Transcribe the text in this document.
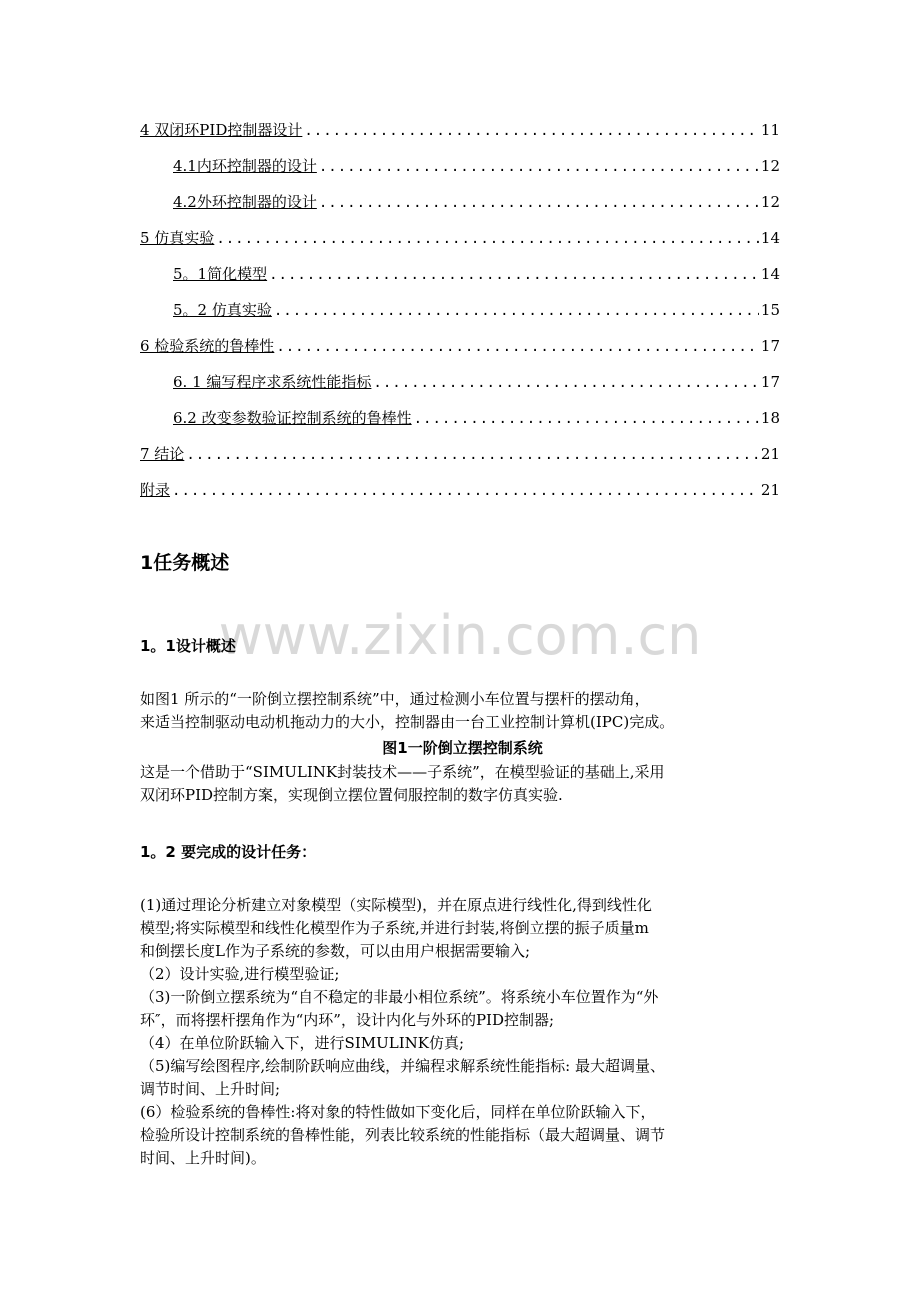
www.zixin.com.cn
4 双闭环PID控制器设计 .....	11
4.1内环控制器的设计 .....	12
4.2外环控制器的设计 .....	12
5 仿真实验 .....	14
5。1简化模型 .....	14
5。2 仿真实验 .....	15
6 检验系统的鲁棒性 .....	17
6. 1 编写程序求系统性能指标 .....	17
6.2 改变参数验证控制系统的鲁棒性 .....	18
7 结论 .....	21
附录 .....	21
1任务概述
1。1设计概述

如图1 所示的“一阶倒立摆控制系统”中，通过检测小车位置与摆杆的摆动角，

来适当控制驱动电动机拖动力的大小，控制器由一台工业控制计算机(IPC)完成。

图1一阶倒立摆控制系统

这是一个借助于“SIMULINK封装技术——子系统”，在模型验证的基础上,采用

双闭环PID控制方案，实现倒立摆位置伺服控制的数字仿真实验.

1。2 要完成的设计任务：

(1)通过理论分析建立对象模型（实际模型)，并在原点进行线性化,得到线性化

模型;将实际模型和线性化模型作为子系统,并进行封装,将倒立摆的振子质量m

和倒摆长度L作为子系统的参数，可以由用户根据需要输入;

（2）设计实验,进行模型验证;

（3)一阶倒立摆系统为“自不稳定的非最小相位系统”。将系统小车位置作为“外

环″，而将摆杆摆角作为“内环”，设计内化与外环的PID控制器;

（4）在单位阶跃输入下，进行SIMULINK仿真;

（5)编写绘图程序,绘制阶跃响应曲线，并编程求解系统性能指标: 最大超调量、

调节时间、上升时间;

(6）检验系统的鲁棒性:将对象的特性做如下变化后，同样在单位阶跃输入下，

检验所设计控制系统的鲁棒性能，列表比较系统的性能指标（最大超调量、调节

时间、上升时间)。
